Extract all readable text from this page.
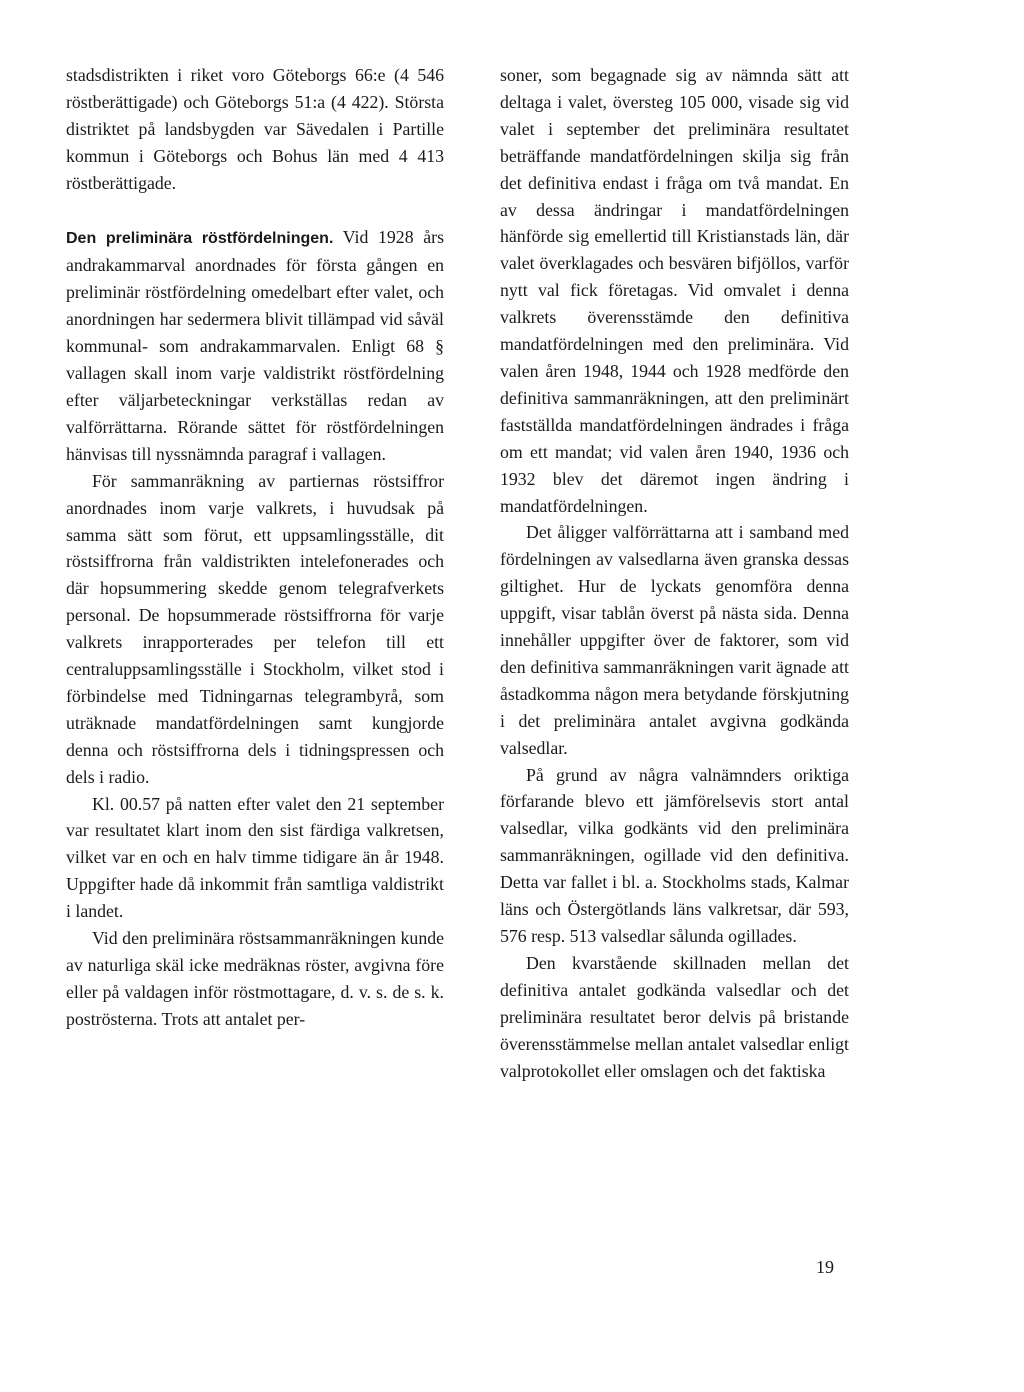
stadsdistrikten i riket voro Göteborgs 66:e (4 546 röstberättigade) och Göteborgs 51:a (4 422). Största distriktet på landsbygden var Sävedalen i Partille kommun i Göteborgs och Bohus län med 4 413 röstberättigade.

Den preliminära röstfördelningen. Vid 1928 års andrakammarval anordnades för första gången en preliminär röstfördelning omedelbart efter valet, och anordningen har sedermera blivit tillämpad vid såväl kommunal- som andrakammarvalen. Enligt 68 § vallagen skall inom varje valdistrikt röstfördelning efter väljarbeteckningar verkställas redan av valförrättarna. Rörande sättet för röstfördelningen hänvisas till nyssnämnda paragraf i vallagen.

För sammanräkning av partiernas röstsiffror anordnades inom varje valkrets, i huvudsak på samma sätt som förut, ett uppsamlingsställe, dit röstsiffrorna från valdistrikten intelefonerades och där hopsummering skedde genom telegrafverkets personal. De hopsummerade röstsiffrorna för varje valkrets inrapporterades per telefon till ett centraluppsamlingsställe i Stockholm, vilket stod i förbindelse med Tidningarnas telegrambyrå, som uträknade mandatfördelningen samt kungjorde denna och röstsiffrorna dels i tidningspressen och dels i radio.

Kl. 00.57 på natten efter valet den 21 september var resultatet klart inom den sist färdiga valkretsen, vilket var en och en halv timme tidigare än år 1948. Uppgifter hade då inkommit från samtliga valdistrikt i landet.

Vid den preliminära röstsammanräkningen kunde av naturliga skäl icke medräknas röster, avgivna före eller på valdagen inför röstmottagare, d. v. s. de s. k. poströsterna. Trots att antalet per-

soner, som begagnade sig av nämnda sätt att deltaga i valet, översteg 105 000, visade sig vid valet i september det preliminära resultatet beträffande mandatfördelningen skilja sig från det definitiva endast i fråga om två mandat. En av dessa ändringar i mandatfördelningen hänförde sig emellertid till Kristianstads län, där valet överklagades och besvären bifjöllos, varför nytt val fick företagas. Vid omvalet i denna valkrets överensstämde den definitiva mandatfördelningen med den preliminära. Vid valen åren 1948, 1944 och 1928 medförde den definitiva sammanräkningen, att den preliminärt fastställda mandatfördelningen ändrades i fråga om ett mandat; vid valen åren 1940, 1936 och 1932 blev det däremot ingen ändring i mandatfördelningen.

Det åligger valförrättarna att i samband med fördelningen av valsedlarna även granska dessas giltighet. Hur de lyckats genomföra denna uppgift, visar tablån överst på nästa sida. Denna innehåller uppgifter över de faktorer, som vid den definitiva sammanräkningen varit ägnade att åstadkomma någon mera betydande förskjutning i det preliminära antalet avgivna godkända valsedlar.

På grund av några valnämnders oriktiga förfarande blevo ett jämförelsevis stort antal valsedlar, vilka godkänts vid den preliminära sammanräkningen, ogillade vid den definitiva. Detta var fallet i bl. a. Stockholms stads, Kalmar läns och Östergötlands läns valkretsar, där 593, 576 resp. 513 valsedlar sålunda ogillades.

Den kvarstående skillnaden mellan det definitiva antalet godkända valsedlar och det preliminära resultatet beror delvis på bristande överensstämmelse mellan antalet valsedlar enligt valprotokollet eller omslagen och det faktiska

19
